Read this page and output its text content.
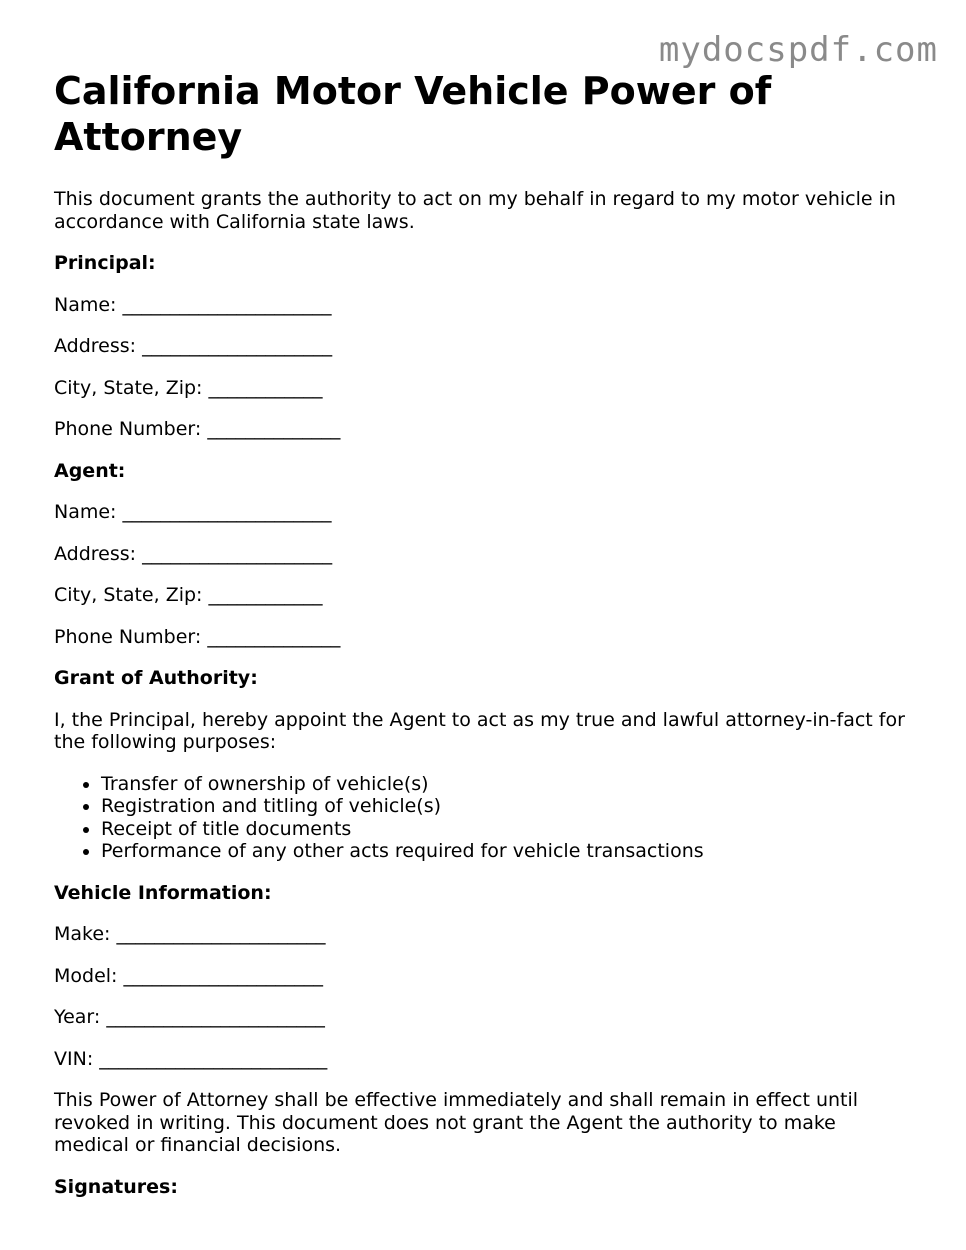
mydocspdf.com
California Motor Vehicle Power of Attorney

This document grants the authority to act on my behalf in regard to my motor vehicle in accordance with California state laws.

Principal:

Name: ______________________

Address: ____________________

City, State, Zip: ____________

Phone Number: ______________

Agent:

Name: ______________________

Address: ____________________

City, State, Zip: ____________

Phone Number: ______________

Grant of Authority:

I, the Principal, hereby appoint the Agent to act as my true and lawful attorney-in-fact for the following purposes:

• Transfer of ownership of vehicle(s)
• Registration and titling of vehicle(s)
• Receipt of title documents
• Performance of any other acts required for vehicle transactions

Vehicle Information:

Make: ______________________

Model: _____________________

Year: _______________________

VIN: ________________________

This Power of Attorney shall be effective immediately and shall remain in effect until revoked in writing. This document does not grant the Agent the authority to make medical or financial decisions.

Signatures:
